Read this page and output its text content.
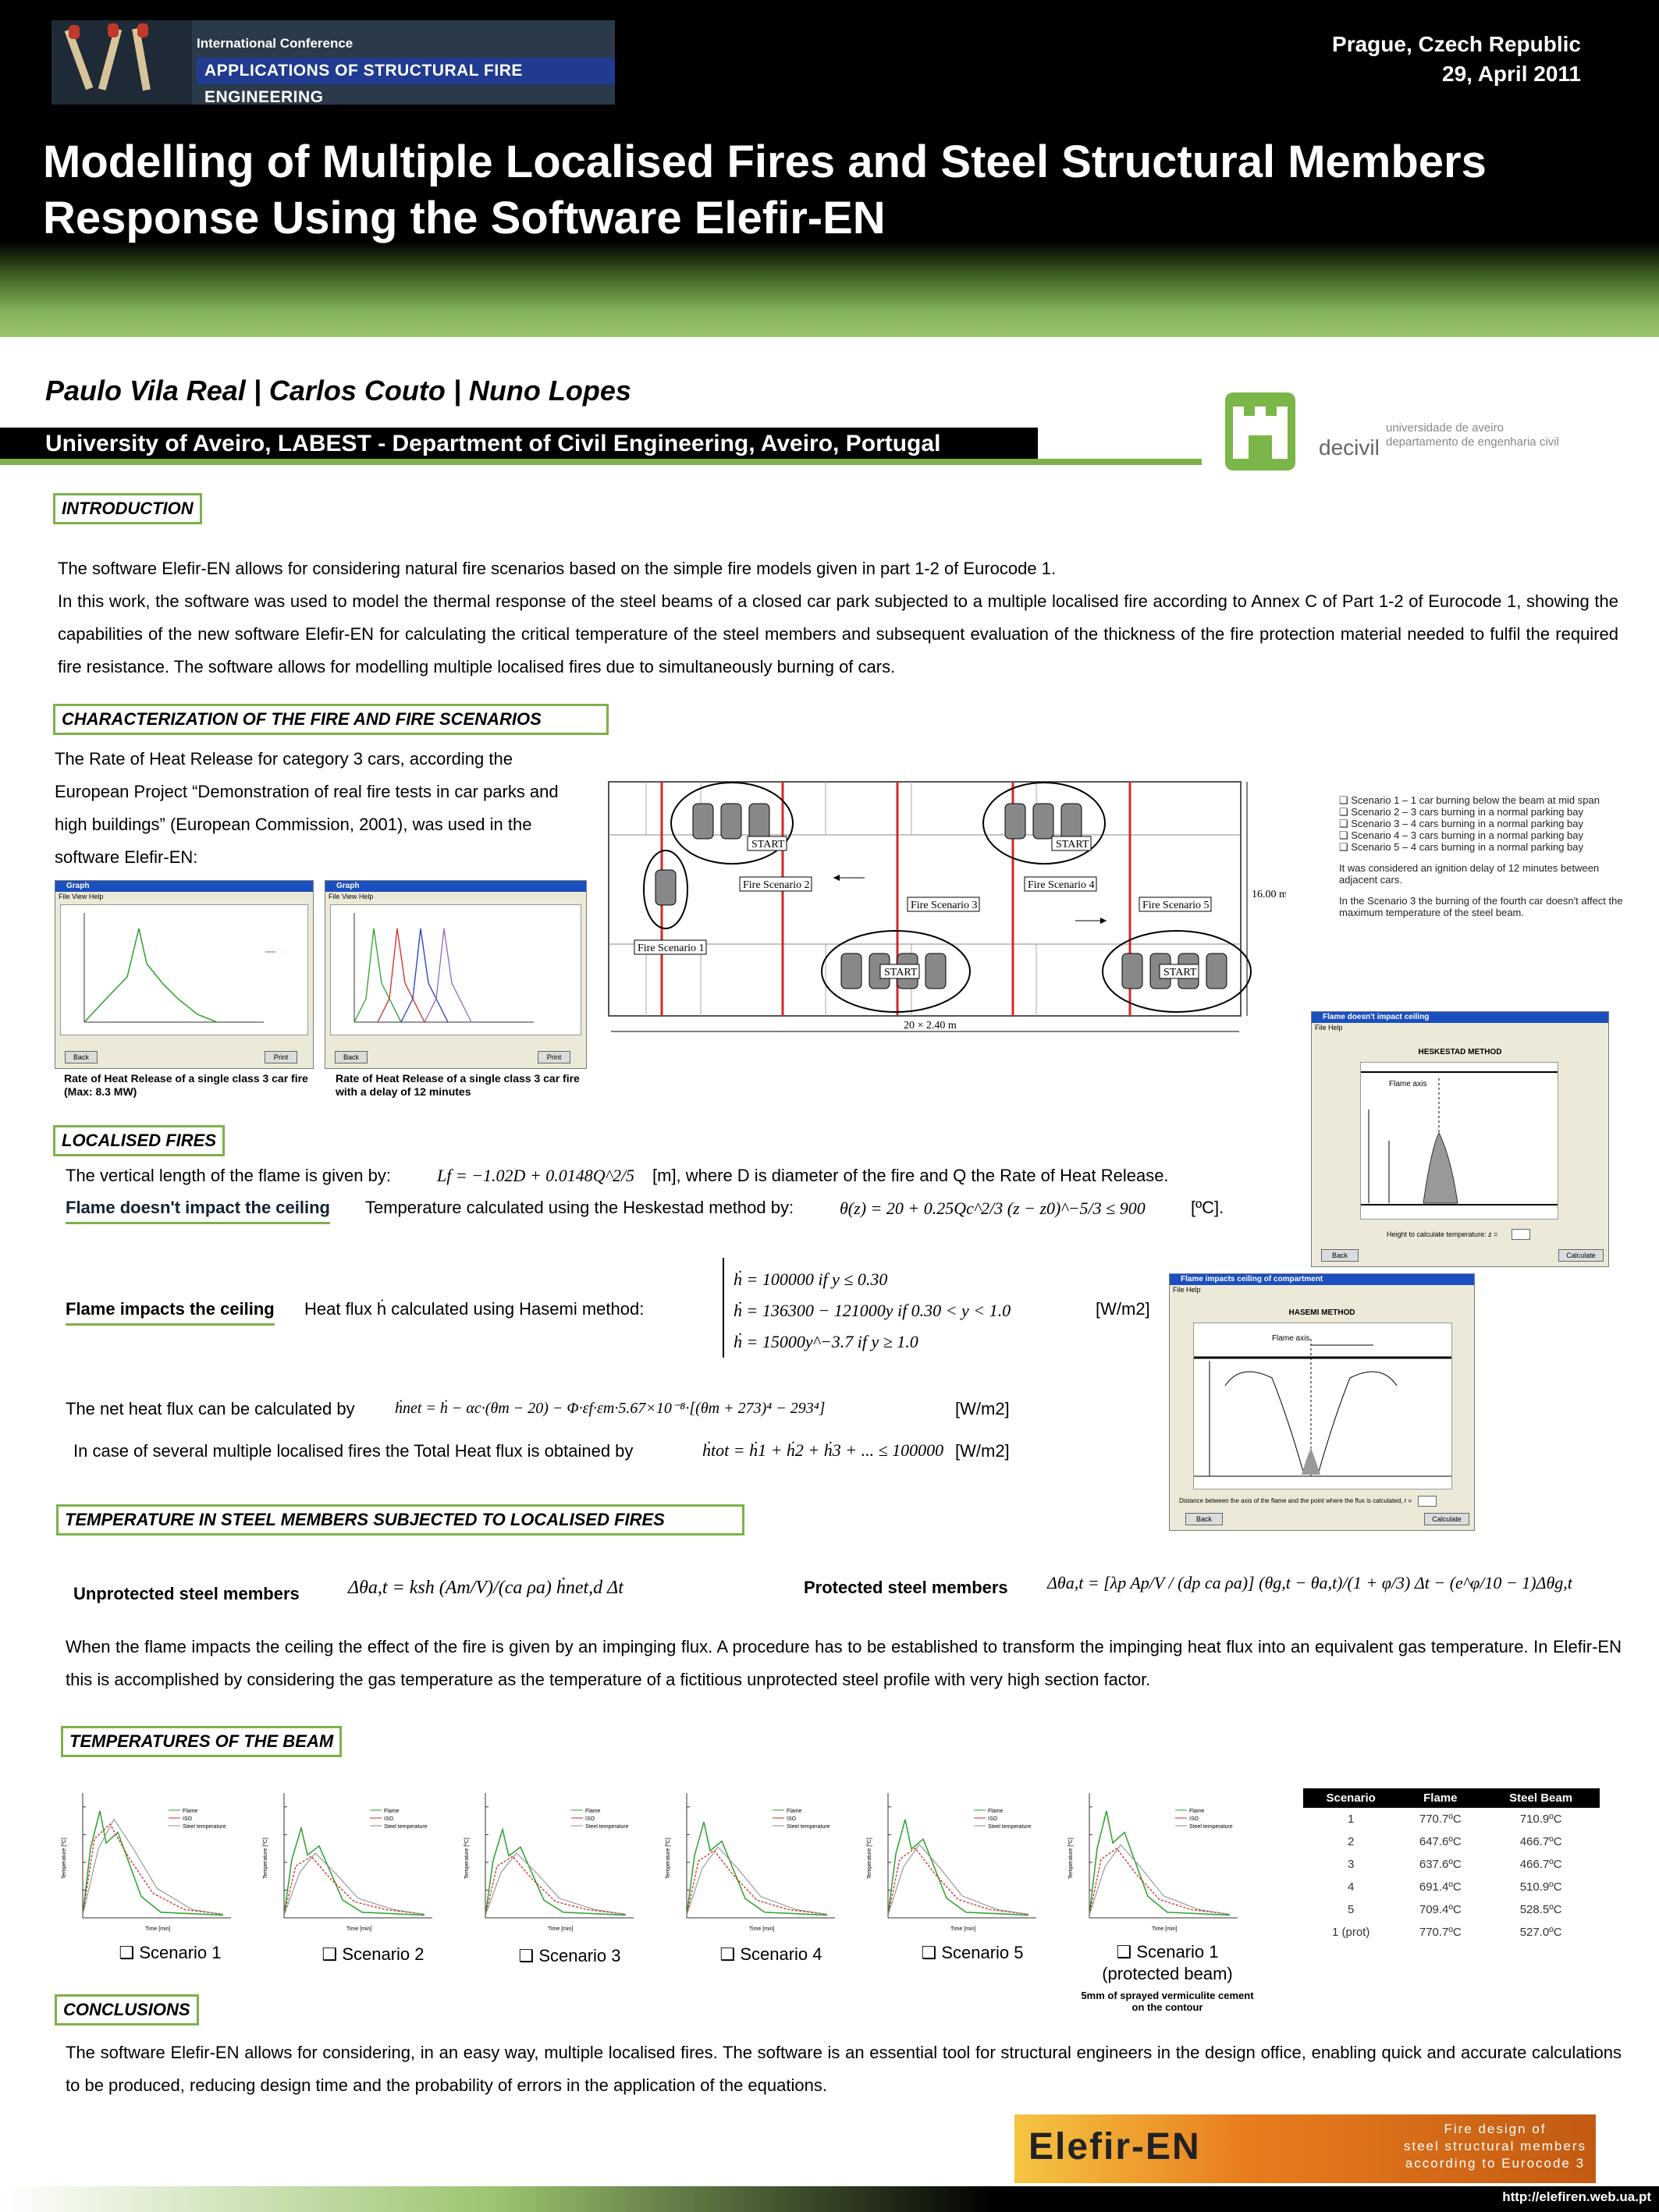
International Conference
APPLICATIONS OF STRUCTURAL FIRE ENGINEERING
Prague, Czech Republic
29, April 2011
Modelling of Multiple Localised Fires and Steel Structural Members
Response Using the Software Elefir-EN
Paulo Vila Real | Carlos Couto | Nuno Lopes
University of Aveiro, LABEST - Department of Civil Engineering, Aveiro, Portugal	decivil
universidade de aveiro
departamento de engenharia civil
INTRODUCTION
The software Elefir-EN allows for considering natural fire scenarios based on the simple fire models given in part 1-2 of Eurocode 1.
In this work, the software was used to model the thermal response of the steel beams of a closed car park subjected to a multiple localised fire according to Annex C of Part 1-2 of Eurocode 1, showing the capabilities of the new software Elefir-EN for calculating the critical temperature of the steel members and subsequent evaluation of the thickness of the fire protection material needed to fulfil the required fire resistance. The software allows for modelling multiple localised fires due to simultaneously burning of cars.
CHARACTERIZATION OF THE FIRE AND FIRE SCENARIOS
The Rate of Heat Release for category 3 cars, according the European Project “Demonstration of real fire tests in car parks and high buildings” (European Commission, 2001), was used in the software Elefir-EN:
Graph
File View Help
Back	Print
Graph
File View Help
Back	Print
Rate of Heat Release of a single class 3 car fire (Max: 8.3 MW)
Rate of Heat Release of a single class 3 car fire with a delay of 12 minutes
START	START
START	START
Fire Scenario 2	Fire Scenario 4
Fire Scenario 3	Fire Scenario 5
Fire Scenario 1
20 × 2.40 m
16.00 m
❑ Scenario 1 – 1 car burning below the beam at mid span
❑ Scenario 2 – 3 cars burning in a normal parking bay
❑ Scenario 3 – 4 cars burning in a normal parking bay
❑ Scenario 4 – 3 cars burning in a normal parking bay
❑ Scenario 5 – 4 cars burning in a normal parking bay
It was considered an ignition delay of 12 minutes between adjacent cars.
In the Scenario 3 the burning of the fourth car doesn't affect the maximum temperature of the steel beam.
LOCALISED FIRES
The vertical length of the flame is given by:	Lf = −1.02D + 0.0148Q^2/5 [m], where D is diameter of the fire and Q the Rate of Heat Release.
Flame doesn't impact the ceiling Temperature calculated using the Heskestad method by:	θ(z) = 20 + 0.25Qc^2/3 (z − z0)^−5/3 ≤ 900	[ºC].
Flame impacts the ceiling Heat flux ḣ calculated using Hasemi method:
ḣ = 100000 if y ≤ 0.30
ḣ = 136300 − 121000y if 0.30 < y < 1.0
ḣ = 15000y^−3.7 if y ≥ 1.0
[W/m2]
The net heat flux can be calculated by	ḣnet = ḣ − αc·(θm − 20) − Φ·εf·εm·5.67×10⁻⁸·[(θm + 273)⁴ − 293⁴]	[W/m2]
In case of several multiple localised fires the Total Heat flux is obtained by	ḣtot = ḣ1 + ḣ2 + ḣ3 + ... ≤ 100000 [W/m2]
Flame doesn't impact ceiling
File Help
HESKESTAD METHOD
Flame axis
Height to calculate temperature: z =
Back	Calculate
Flame impacts ceiling of compartment
File Help
HASEMI METHOD
Flame axis
Distance between the axis of the flame and the point where the flux is calculated, r =
Back	Calculate
TEMPERATURE IN STEEL MEMBERS SUBJECTED TO LOCALISED FIRES
Unprotected steel members	Δθa,t = ksh (Am/V)/(ca ρa) ḣnet,d Δt	Protected steel members Δθa,t = [λp Ap/V / (dp ca ρa)] (θg,t − θa,t)/(1 + φ/3) Δt − (e^φ/10 − 1)Δθg,t
When the flame impacts the ceiling the effect of the fire is given by an impinging flux. A procedure has to be established to transform the impinging heat flux into an equivalent gas temperature. In Elefir-EN this is accomplished by considering the gas temperature as the temperature of a fictitious unprotected steel profile with very high section factor.
TEMPERATURES OF THE BEAM
Flame
ISO
Steel temperature
Time [min]
Temperature [ºC]
Flame
ISO
Steel temperature
Time [min]
Temperature [ºC]
Flame
ISO
Steel temperature
Time [min]
Temperature [ºC]
Flame
ISO
Steel temperature
Time [min]
Temperature [ºC]
Flame
ISO
Steel temperature
Time [min]
Temperature [ºC]
Flame
ISO
Steel temperature
Time [min]
Temperature [ºC]
❑ Scenario 1	❑ Scenario 2	❑ Scenario 3	❑ Scenario 4	❑ Scenario 5	❑ Scenario 1
(protected beam)
5mm of sprayed vermiculite cement on the contour
Scenario	Flame	Steel Beam
1	770.7ºC	710.9ºC
2	647.6ºC	466.7ºC
3	637.6ºC	466.7ºC
4	691.4ºC	510.9ºC
5	709.4ºC	528.5ºC
1 (prot)	770.7ºC	527.0ºC
CONCLUSIONS
The software Elefir-EN allows for considering, in an easy way, multiple localised fires. The software is an essential tool for structural engineers in the design office, enabling quick and accurate calculations to be produced, reducing design time and the probability of errors in the application of the equations.
Elefir-EN	Fire design of
steel structural members
according to Eurocode 3
http://elefiren.web.ua.pt
